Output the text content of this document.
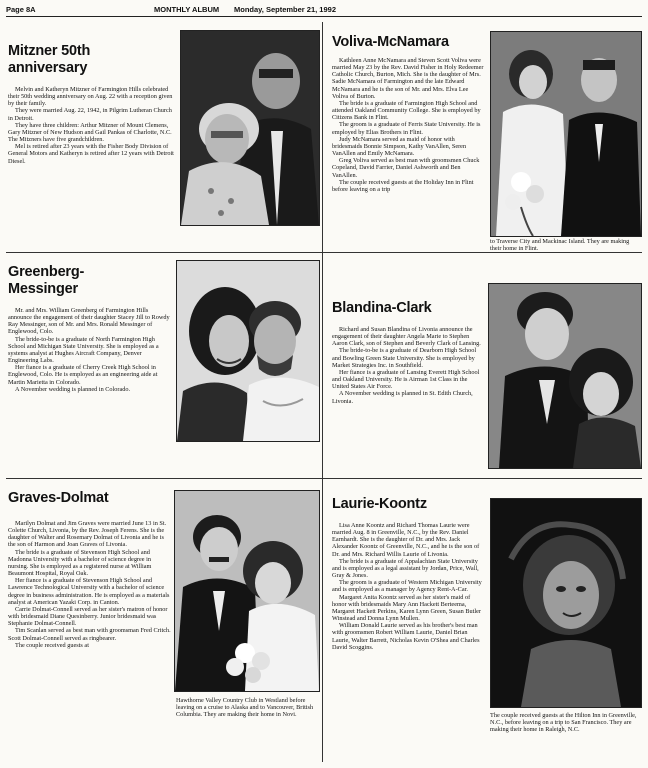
Page 8A	MONTHLY ALBUM Monday, September 21, 1992
Mitzner 50th
anniversary

Melvin and Katheryn Mitzner of Farmington Hills celebrated their 50th wedding anniversary on Aug. 22 with a reception given by their family.

They were married Aug. 22, 1942, in Pilgrim Lutheran Church in Detroit.

They have three children: Arthur Mitzner of Mount Clemens, Gary Mitzner of New Hudson and Gail Pankas of Charlotte, N.C. The Mitzners have five grandchildren.

Mel is retired after 23 years with the Fisher Body Division of General Motors and Katheryn is retired after 12 years with Detroit Diesel.

Voliva-McNamara

Kathleen Anne McNamara and Steven Scott Voliva were married May 23 by the Rev. David Fisher in Holy Redeemer Catholic Church, Burton, Mich. She is the daughter of Mrs. Sadie McNamara of Farmington and the late Edward McNamara and he is the son of Mr. and Mrs. Elva Lee Voliva of Burton.

The bride is a graduate of Farmington High School and attended Oakland Community College. She is employed by Citizens Bank in Flint.

The groom is a graduate of Ferris State University. He is employed by Elias Brothers in Flint.

Judy McNamara served as maid of honor with bridesmaids Bonnie Simpson, Kathy VanAllen, Seren VanAllen and Emily McNamara.

Greg Voliva served as best man with groomsmen Chuck Copeland, David Farrier, Daniel Ashworth and Ben VanAllen.

The couple received guests at the Holiday Inn in Flint before leaving on a trip

to Traverse City and Mackinac Island. They are making their home in Flint.

Greenberg-
Messinger

Mr. and Mrs. William Greenberg of Farmington Hills announce the engagement of their daughter Stacey Jill to Rowdy Ray Messinger, son of Mr. and Mrs. Ronald Messinger of Englewood, Colo.

The bride-to-be is a graduate of North Farmington High School and Michigan State University. She is employed as a systems analyst at Hughes Aircraft Company, Denver Engineering Labs.

Her fiance is a graduate of Cherry Creek High School in Englewood, Colo. He is employed as an engineering aide at Martin Marietta in Colorado.

A November wedding is planned in Colorado.

Blandina-Clark

Richard and Susan Blandina of Livonia announce the engagement of their daughter Angela Marie to Stephen Aaron Clark, son of Stephen and Beverly Clark of Lansing.

The bride-to-be is a graduate of Dearborn High School and Bowling Green State University. She is employed by Market Strategies Inc. in Southfield.

Her fiance is a graduate of Lansing Everett High School and Oakland University. He is Airman 1st Class in the United States Air Force.

A November wedding is planned in St. Edith Church, Livonia.

Graves-Dolmat

Marilyn Dolmat and Jim Graves were married June 13 in St. Colette Church, Livonia, by the Rev. Joseph Ferens. She is the daughter of Walter and Rosemary Dolmat of Livonia and he is the son of Harmon and Joan Graves of Livonia.

The bride is a graduate of Stevenson High School and Madonna University with a bachelor of science degree in nursing. She is employed as a registered nurse at William Beaumont Hospital, Royal Oak.

Her fiance is a graduate of Stevenson High School and Lawrence Technological University with a bachelor of science degree in business administration. He is employed as a materials analyst at American Yazaki Corp. in Canton.

Carrie Dolmat-Connell served as her sister's matron of honor with bridesmaid Diane Quesinberry. Junior bridesmaid was Stephanie Dolmat-Connell.

Tim Scanlan served as best man with groomsman Fred Critch. Scott Dolmat-Connell served as ringbearer.

The couple received guests at

Hawthorne Valley Country Club in Westland before leaving on a cruise to Alaska and to Vancouver, British Columbia. They are making their home in Novi.

Laurie-Koontz

Lisa Anne Koontz and Richard Thomas Laurie were married Aug. 8 in Greenville, N.C., by the Rev. Daniel Earnhardt. She is the daughter of Dr. and Mrs. Jack Alexander Koontz of Greenville, N.C., and he is the son of Dr. and Mrs. Richard Willis Laurie of Livonia.

The bride is a graduate of Appalachian State University and is employed as a legal assistant by Jordan, Price, Wall, Gray & Jones.

The groom is a graduate of Western Michigan University and is employed as a manager by Agency Rent-A-Car.

Margaret Anita Koontz served as her sister's maid of honor with bridesmaids Mary Ann Hackett Berteema, Margaret Hackett Perkins, Karen Lynn Green, Susan Butler Winstead and Donna Lynn Mullen.

William Donald Laurie served as his brother's best man with groomsmen Robert William Laurie, Daniel Brian Laurie, Walter Barrett, Nicholas Kevin O'Shea and Charles David Scoggins.

The couple received guests at the Hilton Inn in Greenville, N.C., before leaving on a trip to San Francisco. They are making their home in Raleigh, N.C.
